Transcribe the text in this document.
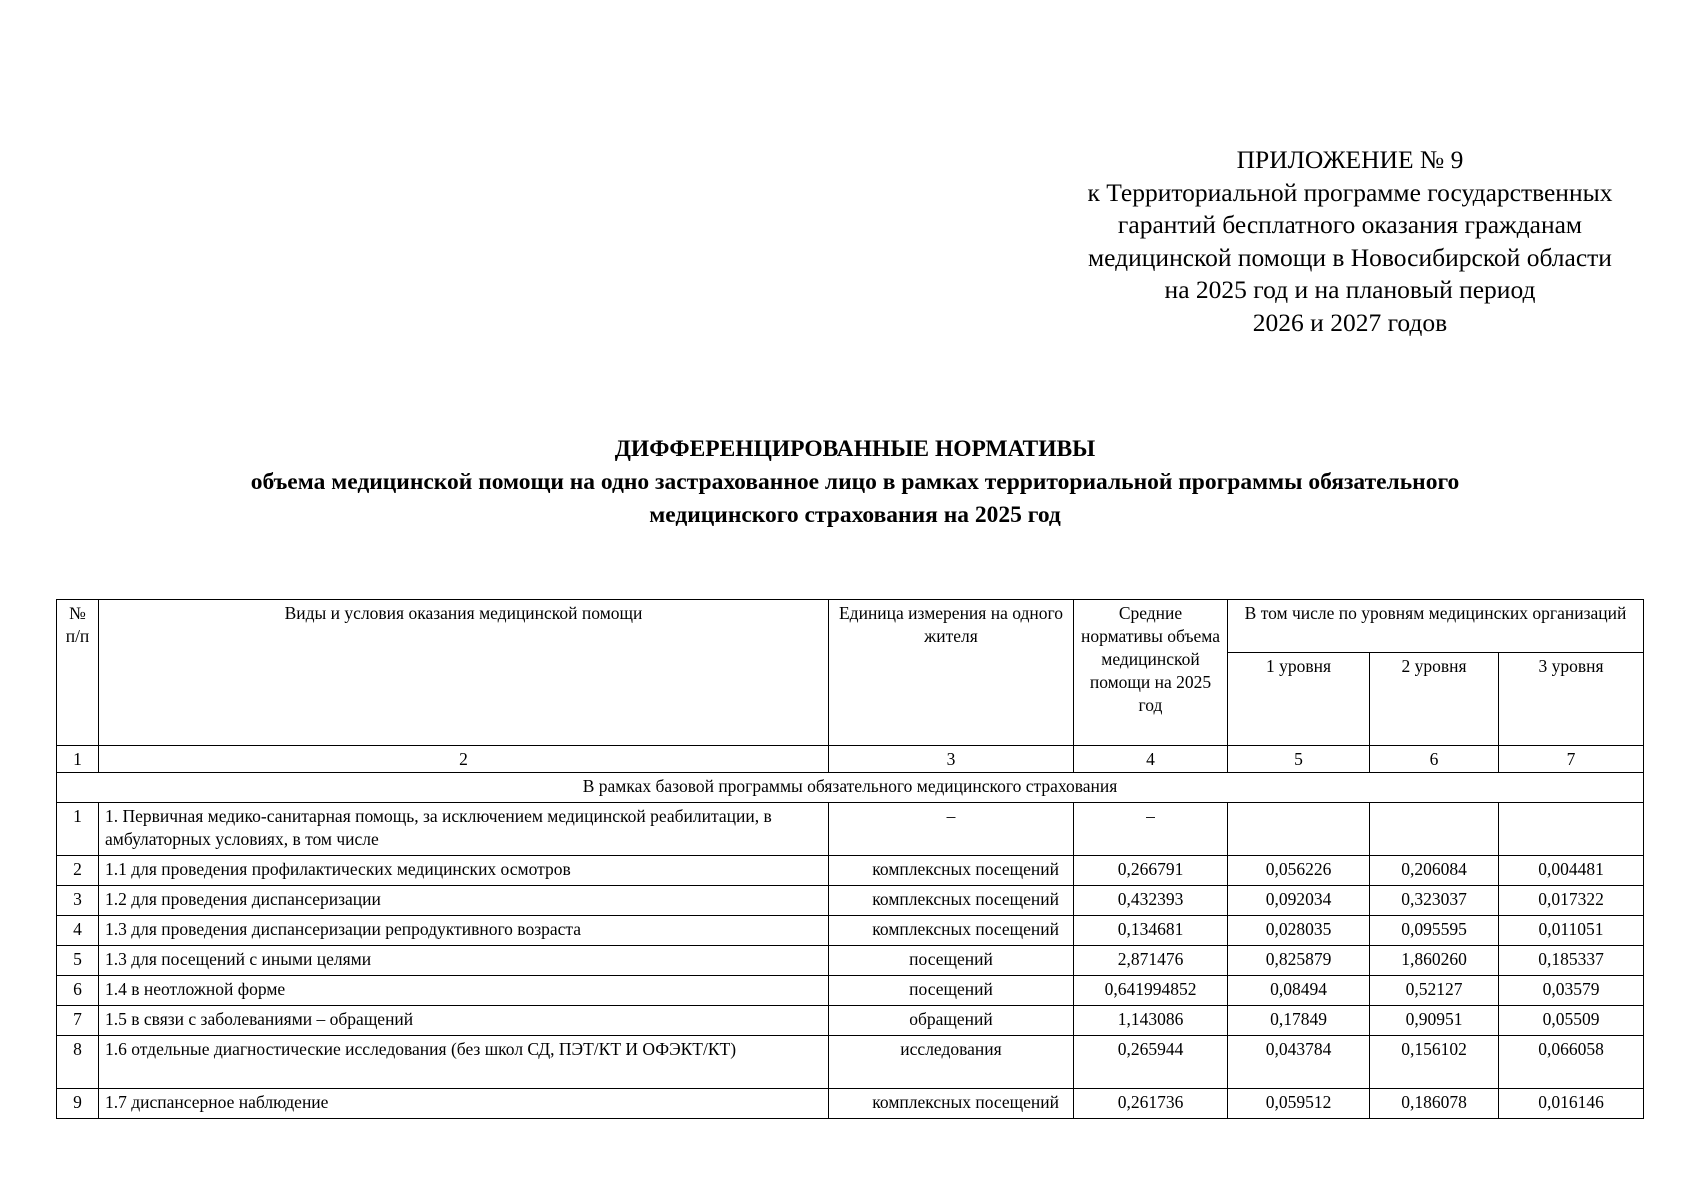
ПРИЛОЖЕНИЕ № 9
к Территориальной программе государственных
гарантий бесплатного оказания гражданам
медицинской помощи в Новосибирской области
на 2025 год и на плановый период
2026 и 2027 годов
ДИФФЕРЕНЦИРОВАННЫЕ НОРМАТИВЫ
объема медицинской помощи на одно застрахованное лицо в рамках территориальной программы обязательного
медицинского страхования на 2025 год
№ п/п	Виды и условия оказания медицинской помощи	Единица измерения на одного жителя	Средние нормативы объема медицинской помощи на 2025 год	В том числе по уровням медицинских организаций		
				1 уровня	2 уровня	3 уровня
1	2	3	4	5	6	7
В рамках базовой программы обязательного медицинского страхования						
1	1. Первичная медико-санитарная помощь, за исключением медицинской реабилитации, в амбулаторных условиях, в том числе	–	–			
2	1.1 для проведения профилактических медицинских осмотров	комплексных посещений	0,266791	0,056226	0,206084	0,004481
3	1.2 для проведения диспансеризации	комплексных посещений	0,432393	0,092034	0,323037	0,017322
4	1.3 для проведения диспансеризации репродуктивного возраста	комплексных посещений	0,134681	0,028035	0,095595	0,011051
5	1.3 для посещений с иными целями	посещений	2,871476	0,825879	1,860260	0,185337
6	1.4 в неотложной форме	посещений	0,641994852	0,08494	0,52127	0,03579
7	1.5 в связи с заболеваниями – обращений	обращений	1,143086	0,17849	0,90951	0,05509
8	1.6 отдельные диагностические исследования (без школ СД, ПЭТ/КТ И ОФЭКТ/КТ)	исследования	0,265944	0,043784	0,156102	0,066058
9	1.7 диспансерное наблюдение	комплексных посещений	0,261736	0,059512	0,186078	0,016146
